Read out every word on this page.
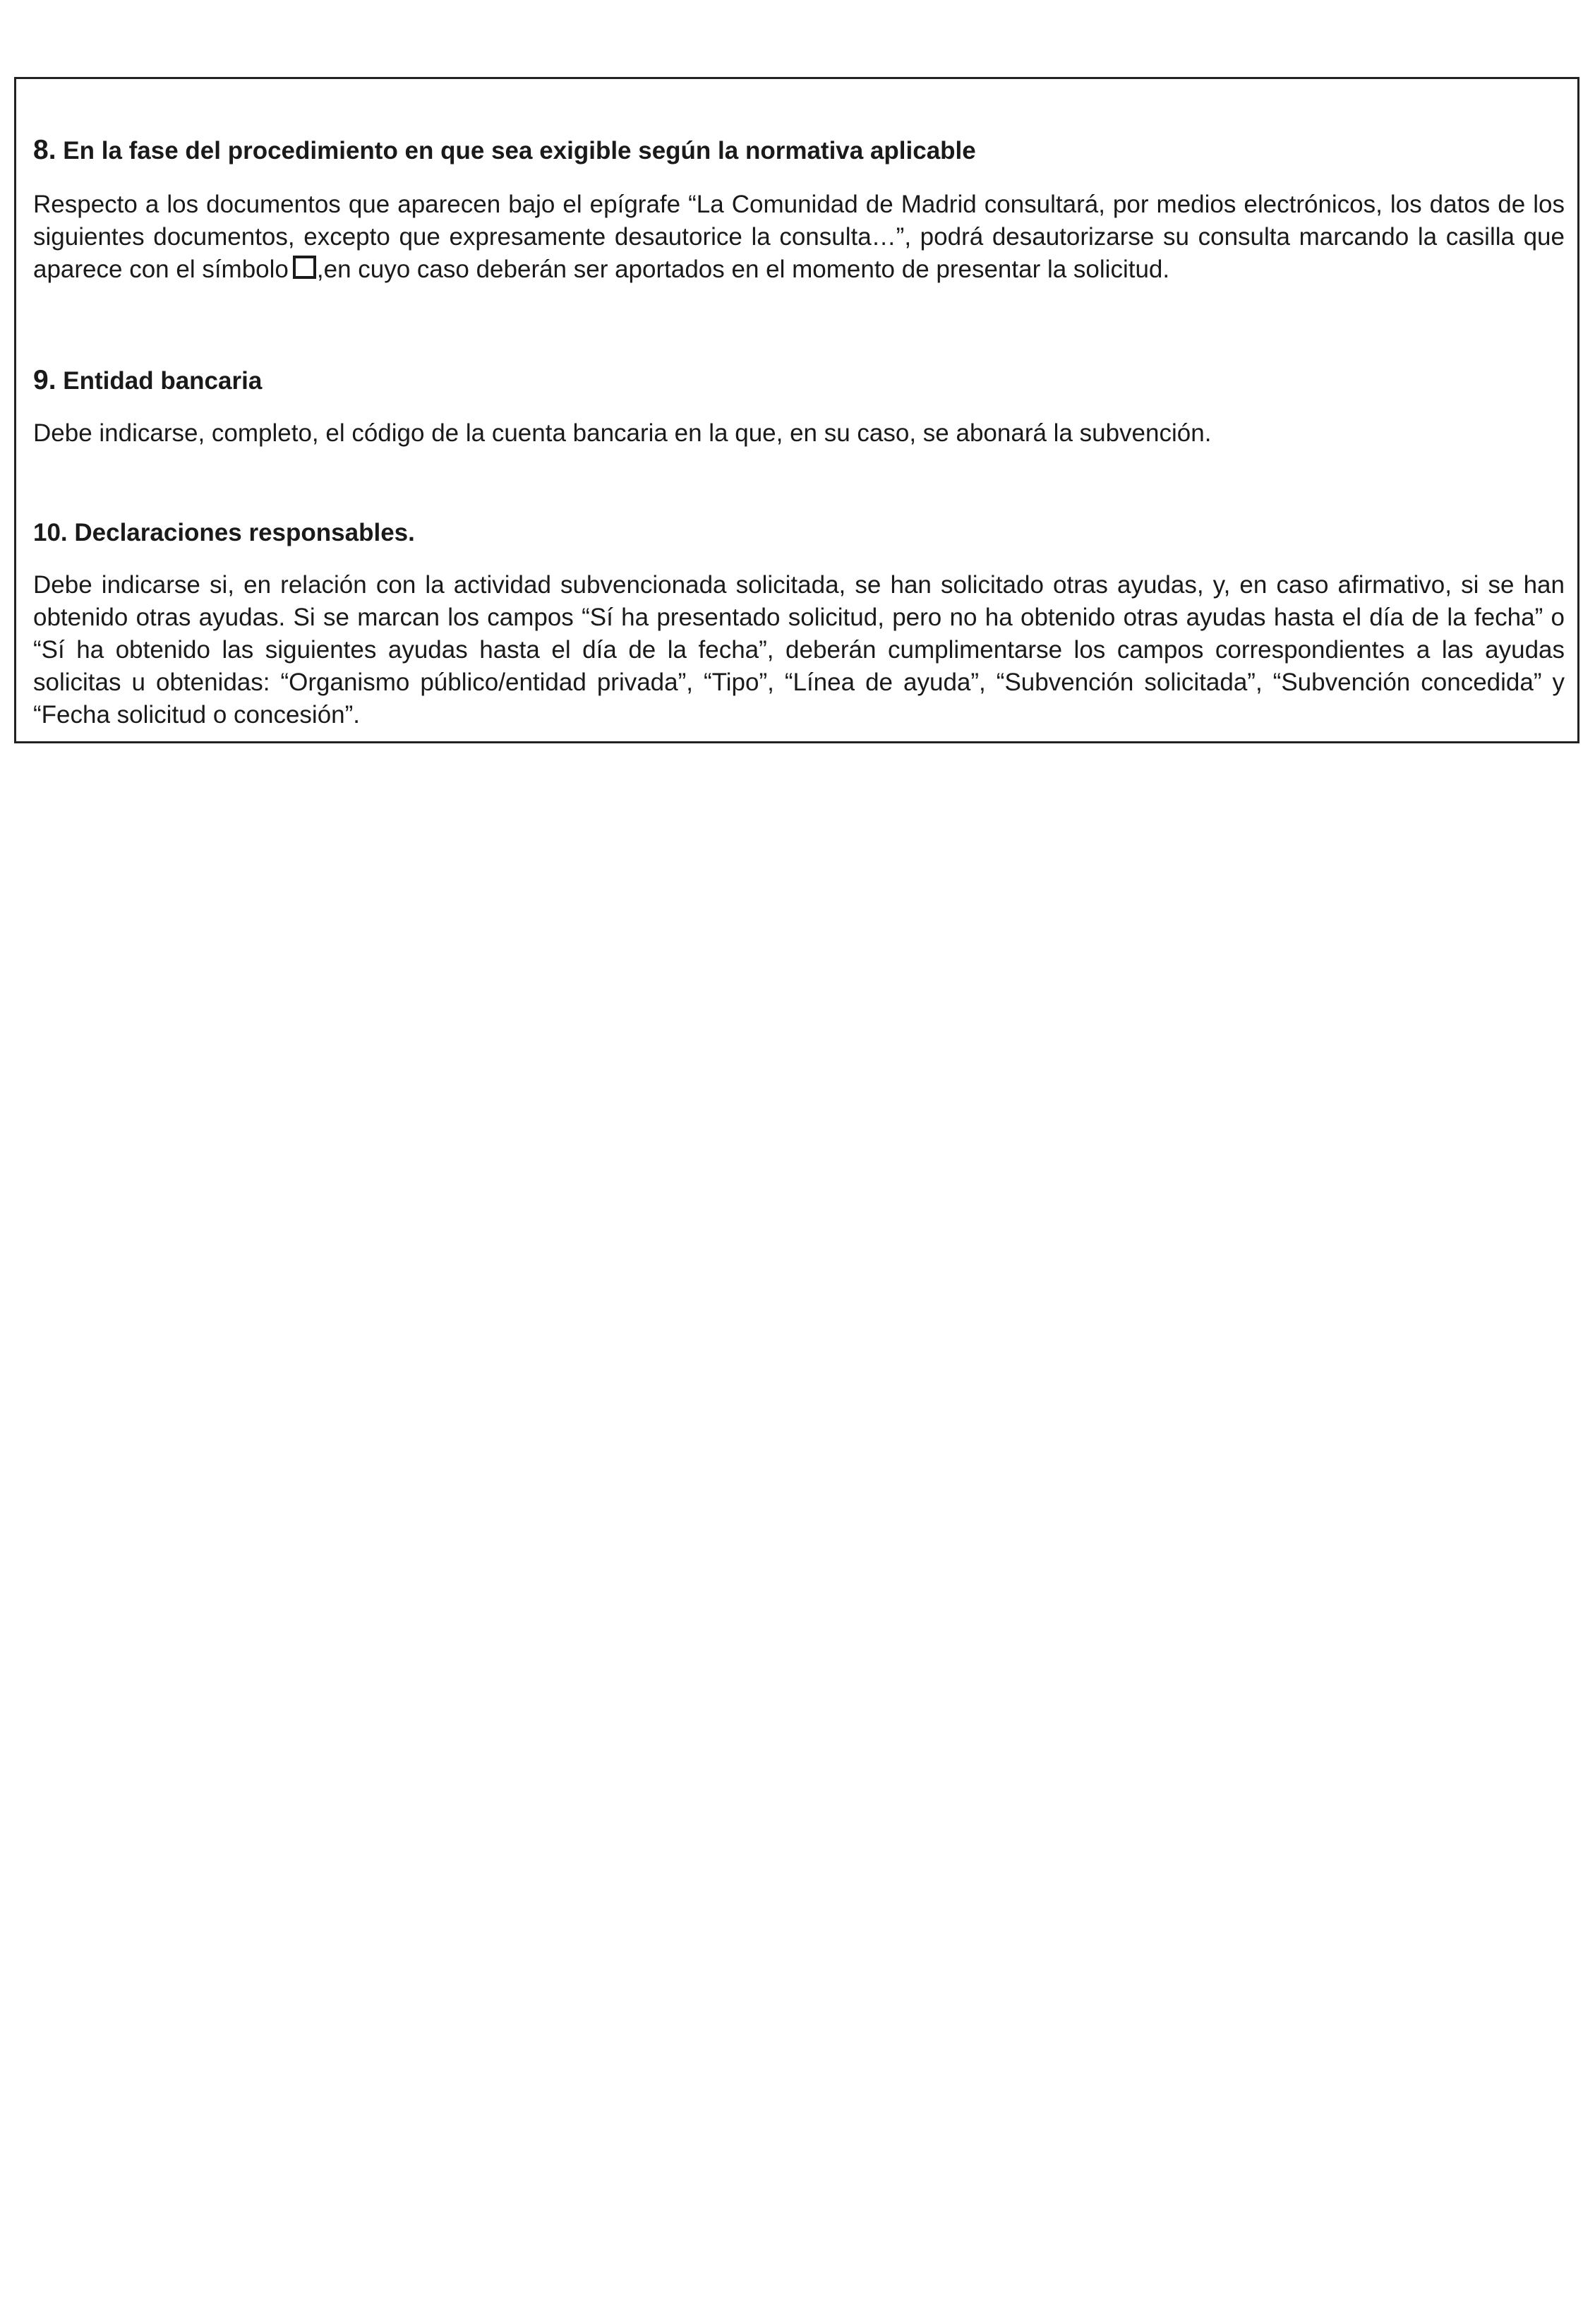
8. En la fase del procedimiento en que sea exigible según la normativa aplicable

Respecto a los documentos que aparecen bajo el epígrafe “La Comunidad de Madrid consultará, por medios electrónicos, los datos de los siguientes documentos, excepto que expresamente desautorice la consulta…”, podrá desautorizarse su consulta marcando la casilla que aparece con el símbolo ,en cuyo caso deberán ser aportados en el momento de presentar la solicitud.

9. Entidad bancaria

Debe indicarse, completo, el código de la cuenta bancaria en la que, en su caso, se abonará la subvención.

10. Declaraciones responsables.

Debe indicarse si, en relación con la actividad subvencionada solicitada, se han solicitado otras ayudas, y, en caso afirmativo, si se han obtenido otras ayudas. Si se marcan los campos “Sí ha presentado solicitud, pero no ha obtenido otras ayudas hasta el día de la fecha” o “Sí ha obtenido las siguientes ayudas hasta el día de la fecha”, deberán cumplimentarse los campos correspondientes a las ayudas solicitas u obtenidas: “Organismo público/entidad privada”, “Tipo”, “Línea de ayuda”, “Subvención solicitada”, “Subvención concedida” y “Fecha solicitud o concesión”.
